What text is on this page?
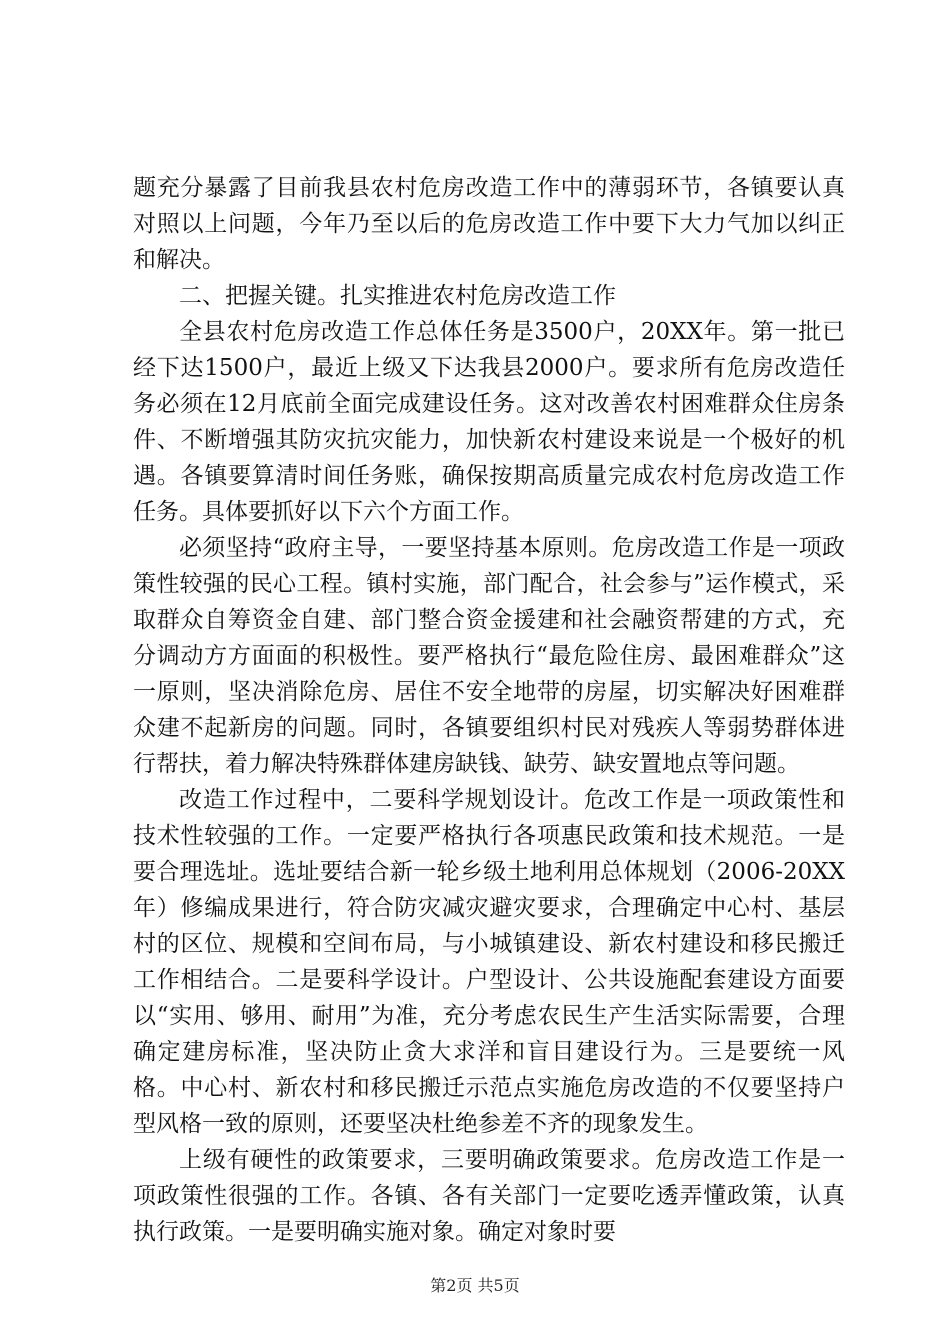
题充分暴露了目前我县农村危房改造工作中的薄弱环节，各镇要认真对照以上问题，今年乃至以后的危房改造工作中要下大力气加以纠正和解决。

二、把握关键。扎实推进农村危房改造工作

全县农村危房改造工作总体任务是3500户，20XX年。第一批已经下达1500户，最近上级又下达我县2000户。要求所有危房改造任务必须在12月底前全面完成建设任务。这对改善农村困难群众住房条件、不断增强其防灾抗灾能力，加快新农村建设来说是一个极好的机遇。各镇要算清时间任务账，确保按期高质量完成农村危房改造工作任务。具体要抓好以下六个方面工作。

必须坚持“政府主导，一要坚持基本原则。危房改造工作是一项政策性较强的民心工程。镇村实施，部门配合，社会参与”运作模式，采取群众自筹资金自建、部门整合资金援建和社会融资帮建的方式，充分调动方方面面的积极性。要严格执行“最危险住房、最困难群众”这一原则，坚决消除危房、居住不安全地带的房屋，切实解决好困难群众建不起新房的问题。同时，各镇要组织村民对残疾人等弱势群体进行帮扶，着力解决特殊群体建房缺钱、缺劳、缺安置地点等问题。

改造工作过程中，二要科学规划设计。危改工作是一项政策性和技术性较强的工作。一定要严格执行各项惠民政策和技术规范。一是要合理选址。选址要结合新一轮乡级土地利用总体规划（2006-20XX年）修编成果进行，符合防灾减灾避灾要求，合理确定中心村、基层村的区位、规模和空间布局，与小城镇建设、新农村建设和移民搬迁工作相结合。二是要科学设计。户型设计、公共设施配套建设方面要以“实用、够用、耐用”为准，充分考虑农民生产生活实际需要，合理确定建房标准，坚决防止贪大求洋和盲目建设行为。三是要统一风格。中心村、新农村和移民搬迁示范点实施危房改造的不仅要坚持户型风格一致的原则，还要坚决杜绝参差不齐的现象发生。

上级有硬性的政策要求，三要明确政策要求。危房改造工作是一项政策性很强的工作。各镇、各有关部门一定要吃透弄懂政策，认真执行政策。一是要明确实施对象。确定对象时要

第2页 共5页
